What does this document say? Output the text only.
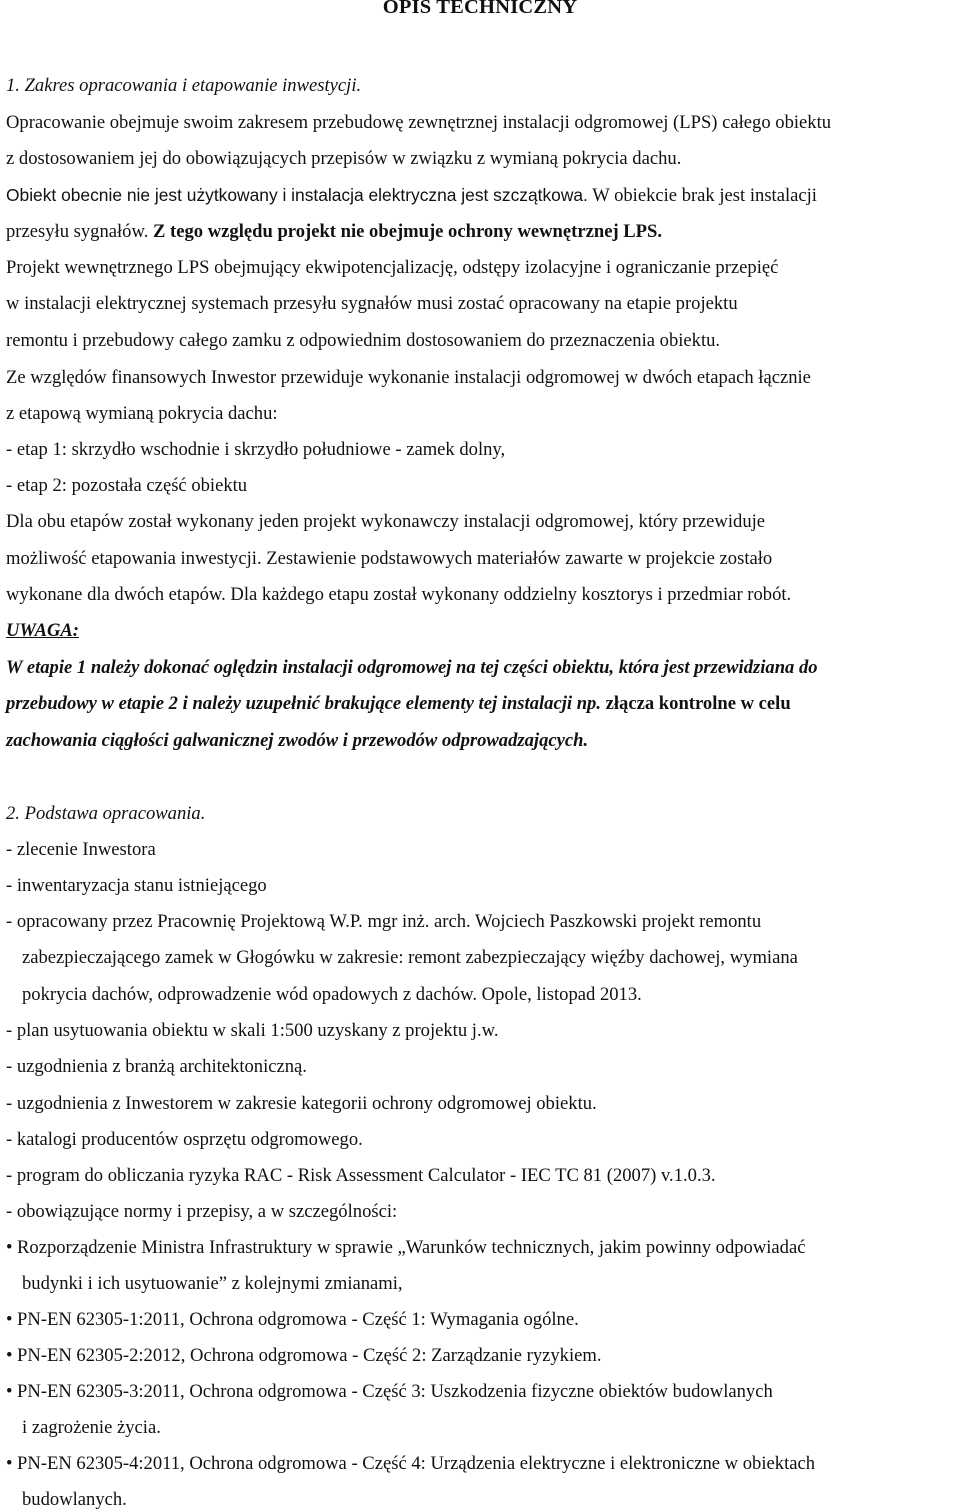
OPIS TECHNICZNY
1. Zakres opracowania i etapowanie inwestycji.
Opracowanie obejmuje swoim zakresem przebudowę zewnętrznej instalacji odgromowej (LPS) całego obiektu
z dostosowaniem jej do obowiązujących przepisów w związku z wymianą pokrycia dachu.
Obiekt obecnie nie jest użytkowany i instalacja elektryczna jest szczątkowa. W obiekcie brak jest instalacji
przesyłu sygnałów. Z tego względu projekt nie obejmuje ochrony wewnętrznej LPS.
Projekt wewnętrznego LPS obejmujący ekwipotencjalizację, odstępy izolacyjne i ograniczanie przepięć
w instalacji elektrycznej systemach przesyłu sygnałów musi zostać opracowany na etapie projektu
remontu i przebudowy całego zamku z odpowiednim dostosowaniem do przeznaczenia obiektu.
Ze względów finansowych Inwestor przewiduje wykonanie instalacji odgromowej w dwóch etapach łącznie
z etapową wymianą pokrycia dachu:
- etap 1: skrzydło wschodnie i skrzydło południowe - zamek dolny,
- etap 2: pozostała część obiektu
Dla obu etapów został wykonany jeden projekt wykonawczy instalacji odgromowej, który przewiduje
możliwość etapowania inwestycji. Zestawienie podstawowych materiałów zawarte w projekcie zostało
wykonane dla dwóch etapów. Dla każdego etapu został wykonany oddzielny kosztorys i przedmiar robót.
UWAGA:
W etapie 1 należy dokonać oględzin instalacji odgromowej na tej części obiektu, która jest przewidziana do
przebudowy w etapie 2 i należy uzupełnić brakujące elementy tej instalacji np. złącza kontrolne w celu
zachowania ciągłości galwanicznej zwodów i przewodów odprowadzających.
2. Podstawa opracowania.
- zlecenie Inwestora
- inwentaryzacja stanu istniejącego
- opracowany przez Pracownię Projektową W.P. mgr inż. arch. Wojciech Paszkowski projekt remontu
zabezpieczającego zamek w Głogówku w zakresie: remont zabezpieczający więźby dachowej, wymiana
pokrycia dachów, odprowadzenie wód opadowych z dachów. Opole, listopad 2013.
- plan usytuowania obiektu w skali 1:500 uzyskany z projektu j.w.
- uzgodnienia z branżą architektoniczną.
- uzgodnienia z Inwestorem w zakresie kategorii ochrony odgromowej obiektu.
- katalogi producentów osprzętu odgromowego.
- program do obliczania ryzyka RAC - Risk Assessment Calculator - IEC TC 81 (2007) v.1.0.3.
- obowiązujące normy i przepisy, a w szczególności:
• Rozporządzenie Ministra Infrastruktury w sprawie „Warunków technicznych, jakim powinny odpowiadać
budynki i ich usytuowanie” z kolejnymi zmianami,
• PN-EN 62305-1:2011, Ochrona odgromowa - Część 1: Wymagania ogólne.
• PN-EN 62305-2:2012, Ochrona odgromowa - Część 2: Zarządzanie ryzykiem.
• PN-EN 62305-3:2011, Ochrona odgromowa - Część 3: Uszkodzenia fizyczne obiektów budowlanych
i zagrożenie życia.
• PN-EN 62305-4:2011, Ochrona odgromowa - Część 4: Urządzenia elektryczne i elektroniczne w obiektach
budowlanych.
